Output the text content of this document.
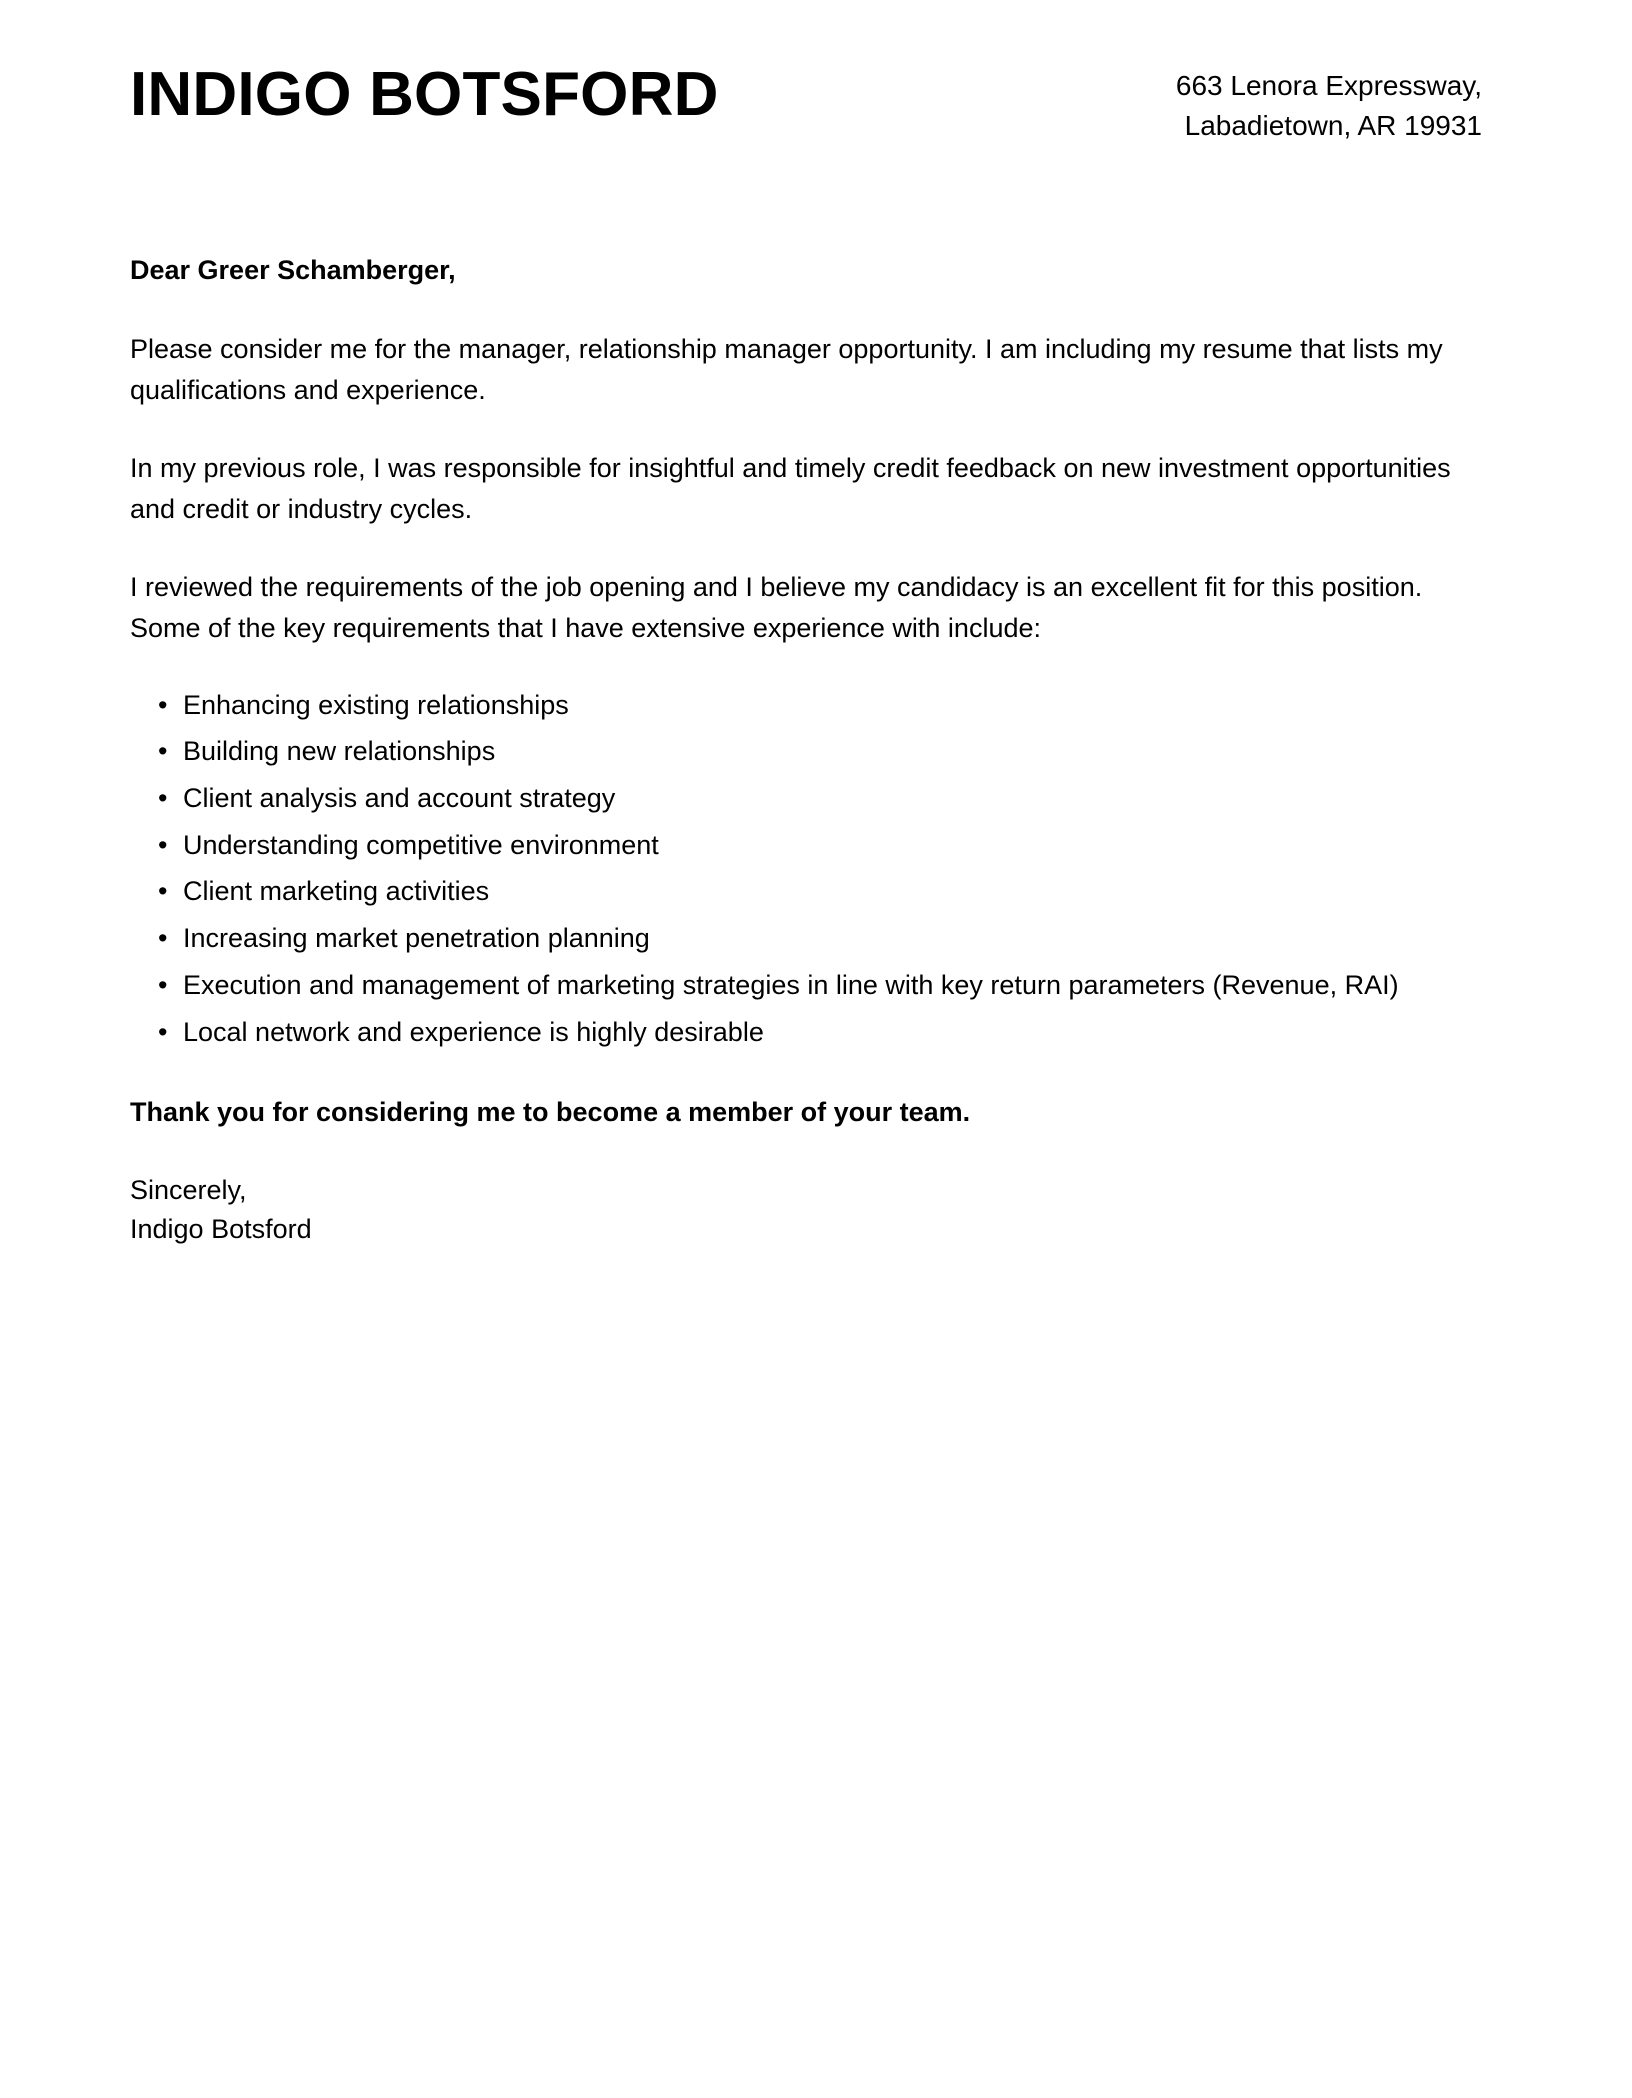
INDIGO BOTSFORD	663 Lenora Expressway,
Labadietown, AR 19931

Dear Greer Schamberger,

Please consider me for the manager, relationship manager opportunity. I am including my resume that lists my qualifications and experience.

In my previous role, I was responsible for insightful and timely credit feedback on new investment opportunities and credit or industry cycles.

I reviewed the requirements of the job opening and I believe my candidacy is an excellent fit for this position. Some of the key requirements that I have extensive experience with include:

• Enhancing existing relationships
• Building new relationships
• Client analysis and account strategy
• Understanding competitive environment
• Client marketing activities
• Increasing market penetration planning
• Execution and management of marketing strategies in line with key return parameters (Revenue, RAI)
• Local network and experience is highly desirable

Thank you for considering me to become a member of your team.

Sincerely,
Indigo Botsford
